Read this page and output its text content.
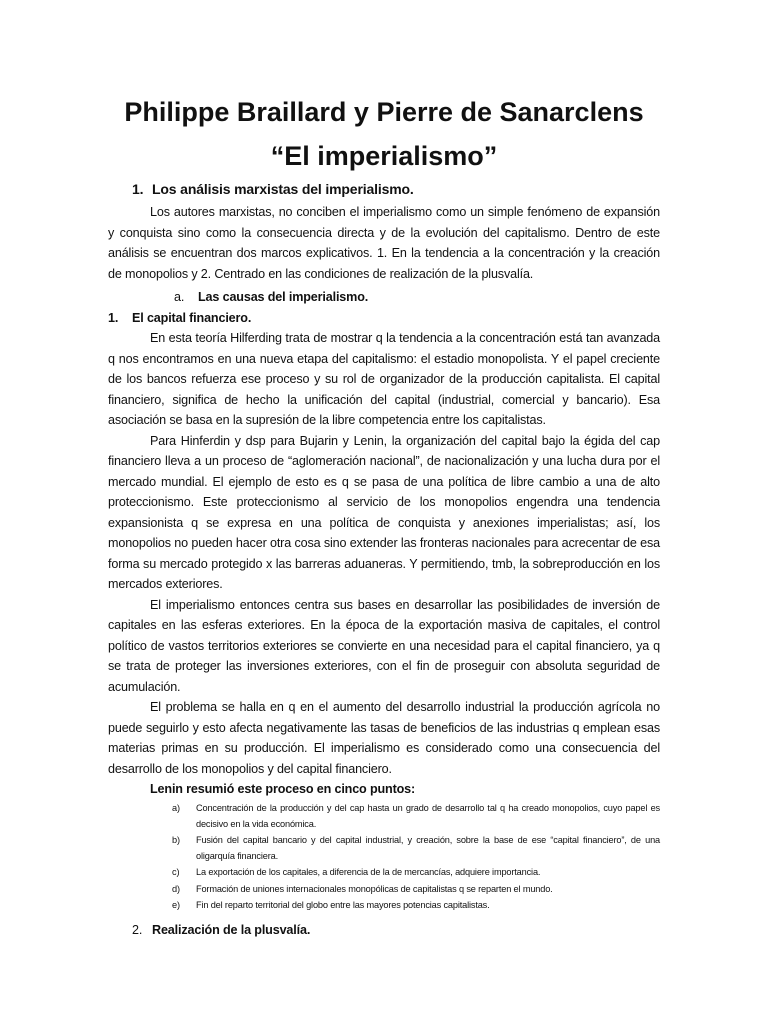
Philippe Braillard y Pierre de Sanarclens
“El imperialismo”
1. Los análisis marxistas del imperialismo.

Los autores marxistas, no conciben el imperialismo como un simple fenómeno de expansión y conquista sino como la consecuencia directa y de la evolución del capitalismo. Dentro de este análisis se encuentran dos marcos explicativos. 1. En la tendencia a la concentración y la creación de monopolios y 2. Centrado en las condiciones de realización de la plusvalía.

a. Las causas del imperialismo.
1. El capital financiero.

En esta teoría Hilferding trata de mostrar q la tendencia a la concentración está tan avanzada q nos encontramos en una nueva etapa del capitalismo: el estadio monopolista. Y el papel creciente de los bancos refuerza ese proceso y su rol de organizador de la producción capitalista. El capital financiero, significa de hecho la unificación del capital (industrial, comercial y bancario). Esa asociación se basa en la supresión de la libre competencia entre los capitalistas.

Para Hinferdin y dsp para Bujarin y Lenin, la organización del capital bajo la égida del cap financiero lleva a un proceso de “aglomeración nacional”, de nacionalización y una lucha dura por el mercado mundial. El ejemplo de esto es q se pasa de una política de libre cambio a una de alto proteccionismo. Este proteccionismo al servicio de los monopolios engendra una tendencia expansionista q se expresa en una política de conquista y anexiones imperialistas; así, los monopolios no pueden hacer otra cosa sino extender las fronteras nacionales para acrecentar de esa forma su mercado protegido x las barreras aduaneras. Y permitiendo, tmb, la sobreproducción en los mercados exteriores.

El imperialismo entonces centra sus bases en desarrollar las posibilidades de inversión de capitales en las esferas exteriores. En la época de la exportación masiva de capitales, el control político de vastos territorios exteriores se convierte en una necesidad para el capital financiero, ya q se trata de proteger las inversiones exteriores, con el fin de proseguir con absoluta seguridad de acumulación.

El problema se halla en q en el aumento del desarrollo industrial la producción agrícola no puede seguirlo y esto afecta negativamente las tasas de beneficios de las industrias q emplean esas materias primas en su producción. El imperialismo es considerado como una consecuencia del desarrollo de los monopolios y del capital financiero.

Lenin resumió este proceso en cinco puntos:
a)	Concentración de la producción y del cap hasta un grado de desarrollo tal q ha creado monopolios, cuyo papel es decisivo en la vida económica.
b)	Fusión del capital bancario y del capital industrial, y creación, sobre la base de ese “capital financiero”, de una oligarquía financiera.
c)	La exportación de los capitales, a diferencia de la de mercancías, adquiere importancia.
d)	Formación de uniones internacionales monopólicas de capitalistas q se reparten el mundo.
e)	Fin del reparto territorial del globo entre las mayores potencias capitalistas.
2. Realización de la plusvalía.
